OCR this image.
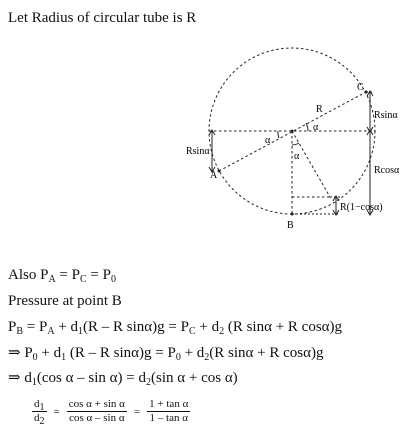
Let Radius of circular tube is R
C
A
B
R
α
α
α
Rsinα
Rsinα
Rcosα
R(1−cosα)
Also $P_A = P_C = P_0$
Pressure at point B
$P_B = P_A + d_1(R - R$ $\sin\alpha)g = P_C + d_2$ (R sinα + R cosα)g
⇒ $P_0 + d_1$ (R – R $\sin\alpha)g = P_0 + d_2(R$ sinα + R cosα)g
⇒ $d_1(\cos$ $\alpha - \sin \alpha) = d_2(\sin$ α + cos α)
$\frac{d_1}{d_2} = \frac{\text{cos α + sin α}}{\text{cos α – sin α}} = \frac{\text{1 + tan α}}{\text{1 – tan α}}$
